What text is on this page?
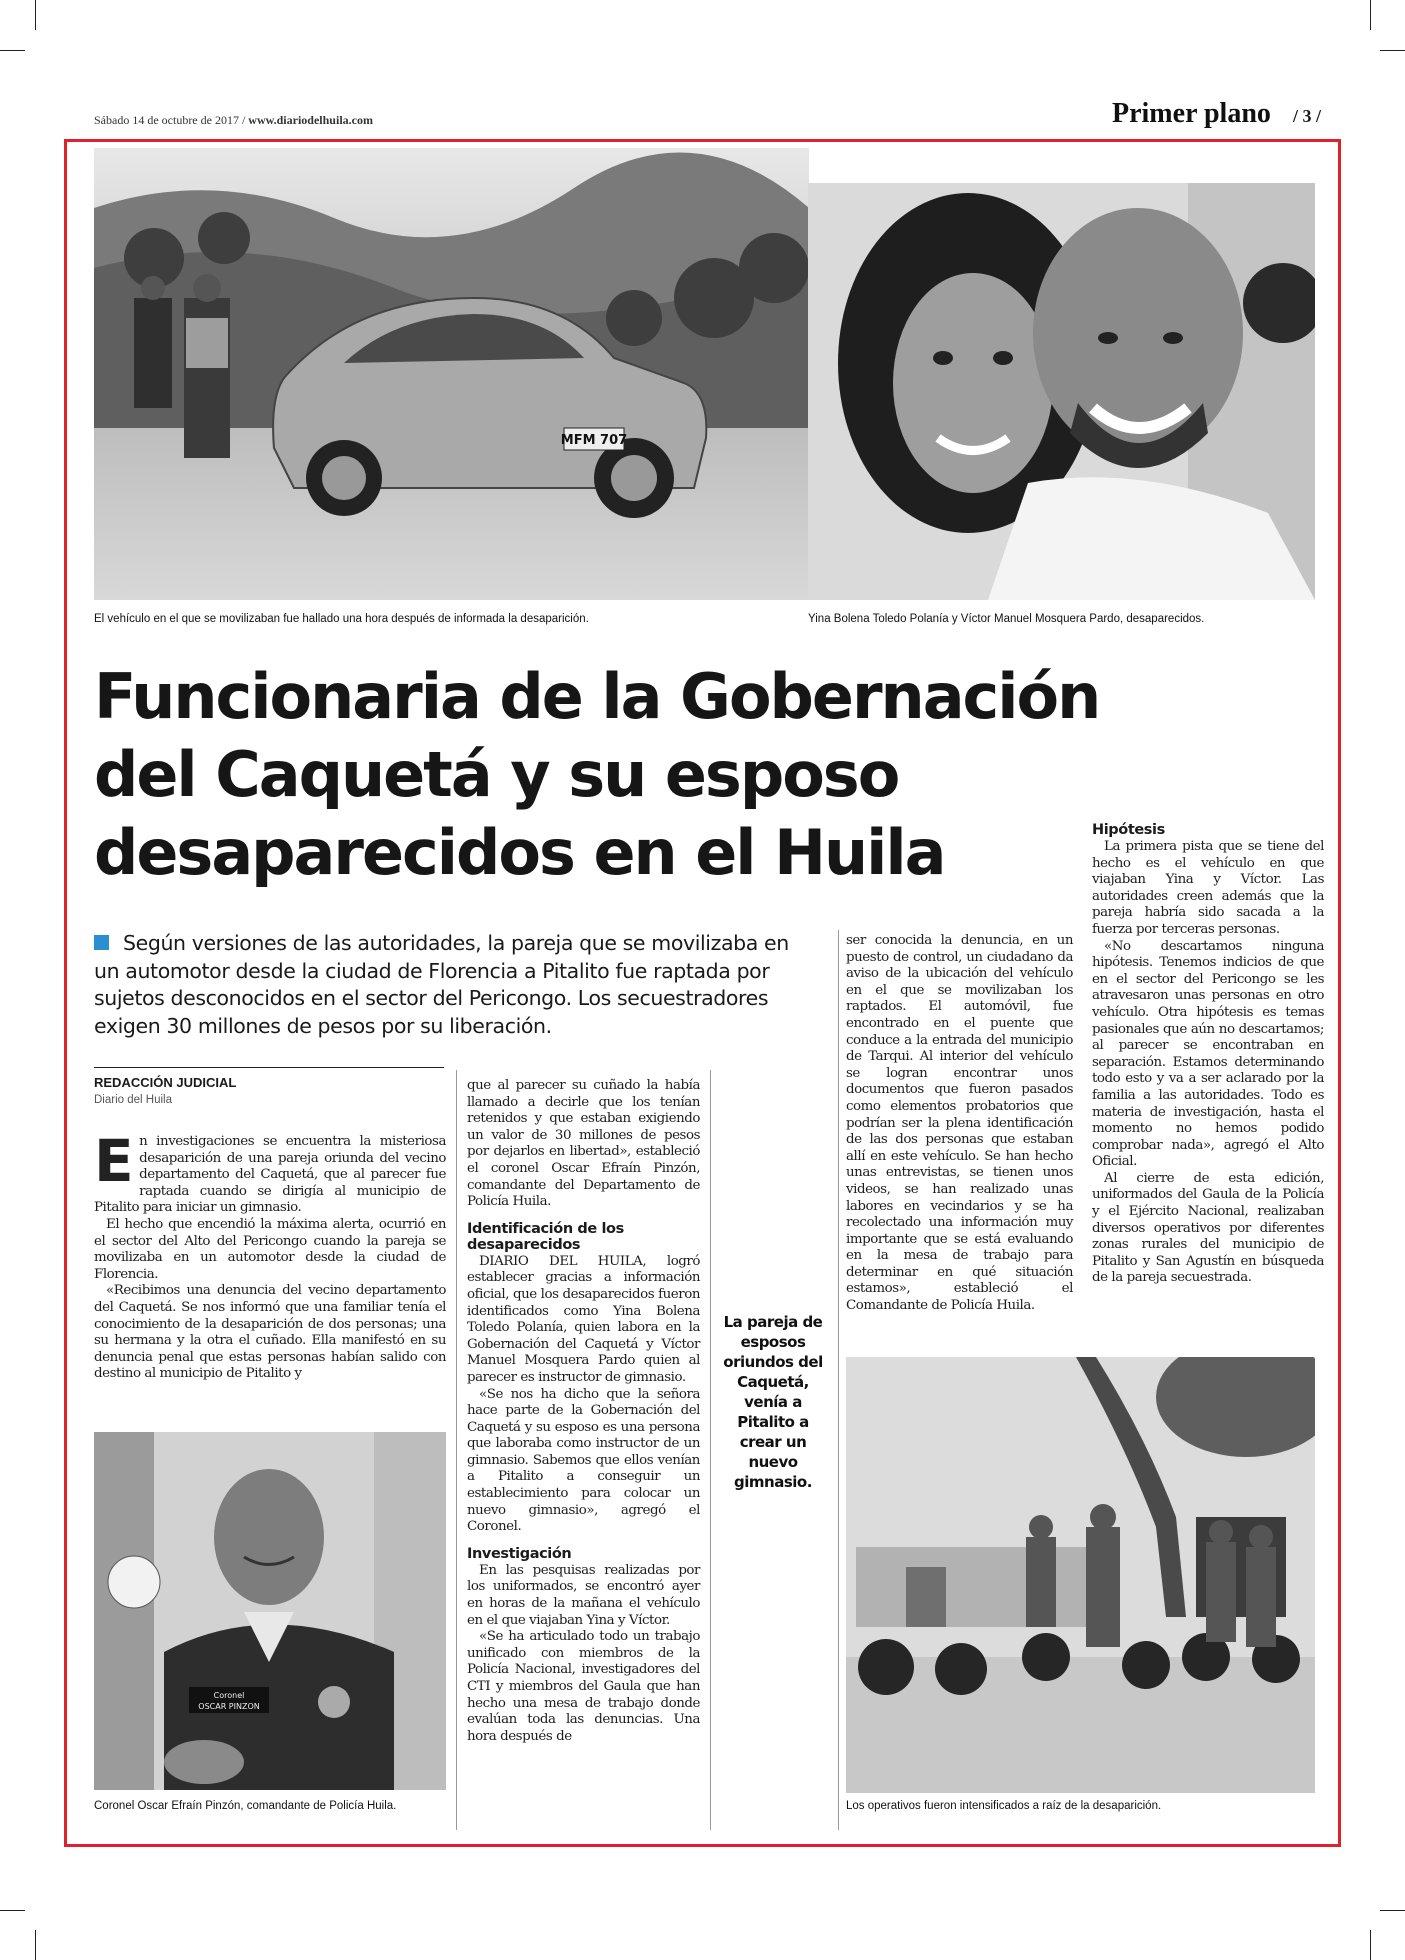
Sábado 14 de octubre de 2017 / www.diariodelhuila.com	Primer plano / 3 /
MFM 707
El vehículo en el que se movilizaban fue hallado una hora después de informada la desaparición.	Yina Bolena Toledo Polanía y Víctor Manuel Mosquera Pardo, desaparecidos.
Funcionaria de la Gobernación
del Caquetá y su esposo
desaparecidos en el Huila
Según versiones de las autoridades, la pareja que se movilizaba en un automotor desde la ciudad de Florencia a Pitalito fue raptada por sujetos desconocidos en el sector del Pericongo. Los secuestradores exigen 30 millones de pesos por su liberación.
REDACCIÓN JUDICIAL
Diario del Huila

En investigaciones se encuentra la misteriosa desaparición de una pareja oriunda del vecino departamento del Caquetá, que al parecer fue raptada cuando se dirigía al municipio de Pitalito para iniciar un gimnasio.

El hecho que encendió la máxima alerta, ocurrió en el sector del Alto del Pericongo cuando la pareja se movilizaba en un automotor desde la ciudad de Florencia.

«Recibimos una denuncia del vecino departamento del Caquetá. Se nos informó que una familiar tenía el conocimiento de la desaparición de dos personas; una su hermana y la otra el cuñado. Ella manifestó en su denuncia penal que estas personas habían salido con destino al municipio de Pitalito y

Coronel
OSCAR PINZON
Coronel Oscar Efraín Pinzón, comandante de Policía Huila.

que al parecer su cuñado la había llamado a decirle que los tenían retenidos y que estaban exigiendo un valor de 30 millones de pesos por dejarlos en libertad», estableció el coronel Oscar Efraín Pinzón, comandante del Departamento de Policía Huila.

Identificación de los desaparecidos

DIARIO DEL HUILA, logró establecer gracias a información oficial, que los desaparecidos fueron identificados como Yina Bolena Toledo Polanía, quien labora en la Gobernación del Caquetá y Víctor Manuel Mosquera Pardo quien al parecer es instructor de gimnasio.

«Se nos ha dicho que la señora hace parte de la Gobernación del Caquetá y su esposo es una persona que laboraba como instructor de un gimnasio. Sabemos que ellos venían a Pitalito a conseguir un establecimiento para colocar un nuevo gimnasio», agregó el Coronel.

Investigación

En las pesquisas realizadas por los uniformados, se encontró ayer en horas de la mañana el vehículo en el que viajaban Yina y Víctor.

«Se ha articulado todo un trabajo unificado con miembros de la Policía Nacional, investigadores del CTI y miembros del Gaula que han hecho una mesa de trabajo donde evalúan toda las denuncias. Una hora después de

La pareja de esposos oriundos del Caquetá, venía a Pitalito a crear un nuevo gimnasio.

ser conocida la denuncia, en un puesto de control, un ciudadano da aviso de la ubicación del vehículo en el que se movilizaban los raptados. El automóvil, fue encontrado en el puente que conduce a la entrada del municipio de Tarqui. Al interior del vehículo se logran encontrar unos documentos que fueron pasados como elementos probatorios que podrían ser la plena identificación de las dos personas que estaban allí en este vehículo. Se han hecho unas entrevistas, se tienen unos videos, se han realizado unas labores en vecindarios y se ha recolectado una información muy importante que se está evaluando en la mesa de trabajo para determinar en qué situación estamos», estableció el Comandante de Policía Huila.

Hipótesis

La primera pista que se tiene del hecho es el vehículo en que viajaban Yina y Víctor. Las autoridades creen además que la pareja habría sido sacada a la fuerza por terceras personas.

«No descartamos ninguna hipótesis. Tenemos indicios de que en el sector del Pericongo se les atravesaron unas personas en otro vehículo. Otra hipótesis es temas pasionales que aún no descartamos; al parecer se encontraban en separación. Estamos determinando todo esto y va a ser aclarado por la familia a las autoridades. Todo es materia de investigación, hasta el momento no hemos podido comprobar nada», agregó el Alto Oficial.

Al cierre de esta edición, uniformados del Gaula de la Policía y el Ejército Nacional, realizaban diversos operativos por diferentes zonas rurales del municipio de Pitalito y San Agustín en búsqueda de la pareja secuestrada.

Los operativos fueron intensificados a raíz de la desaparición.
